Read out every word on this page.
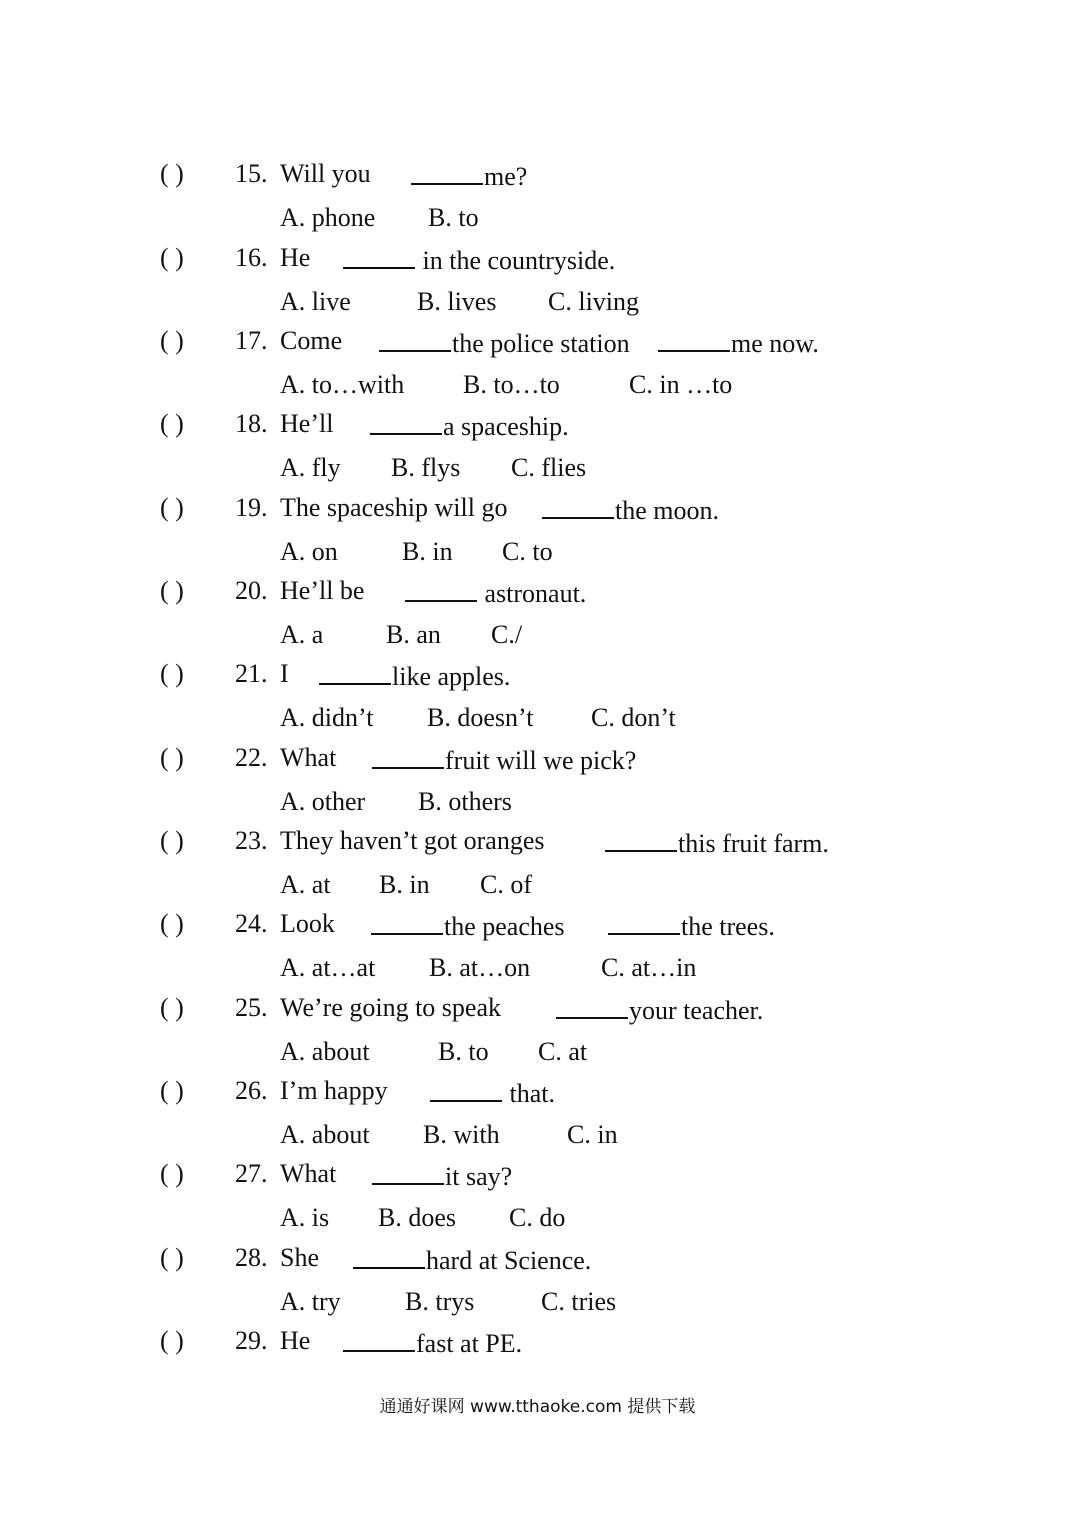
( ) 15. Will you	me?
A. phone B. to
( ) 16. He	in the countryside.
A. live	B. lives C. living
( ) 17. Come	the police station	me now.
A. to…with B. to…to	C. in …to
( ) 18. He’ll	a spaceship.
A. fly B. flys C. flies
( ) 19. The spaceship will go	the moon.
A. on B. in C. to
( ) 20. He’ll be	astronaut.
A. a B. an C./
( ) 21. I	like apples.
A. didn’t B. doesn’t C. don’t
( ) 22. What	fruit will we pick?
A. other B. others
( ) 23. They haven’t got oranges	this fruit farm.
A. at B. in C. of
( ) 24. Look	the peaches	the trees.
A. at…at B. at…on	C. at…in
( ) 25. We’re going to speak	your teacher.
A. about	B. to C. at
( ) 26. I’m happy	that.
A. about B. with	C. in
( ) 27. What	it say?
A. is B. does C. do
( ) 28. She	hard at Science.
A. try B. trys	C. tries
( ) 29. He	fast at PE.
通通好课网 www.tthaoke.com 提供下载
